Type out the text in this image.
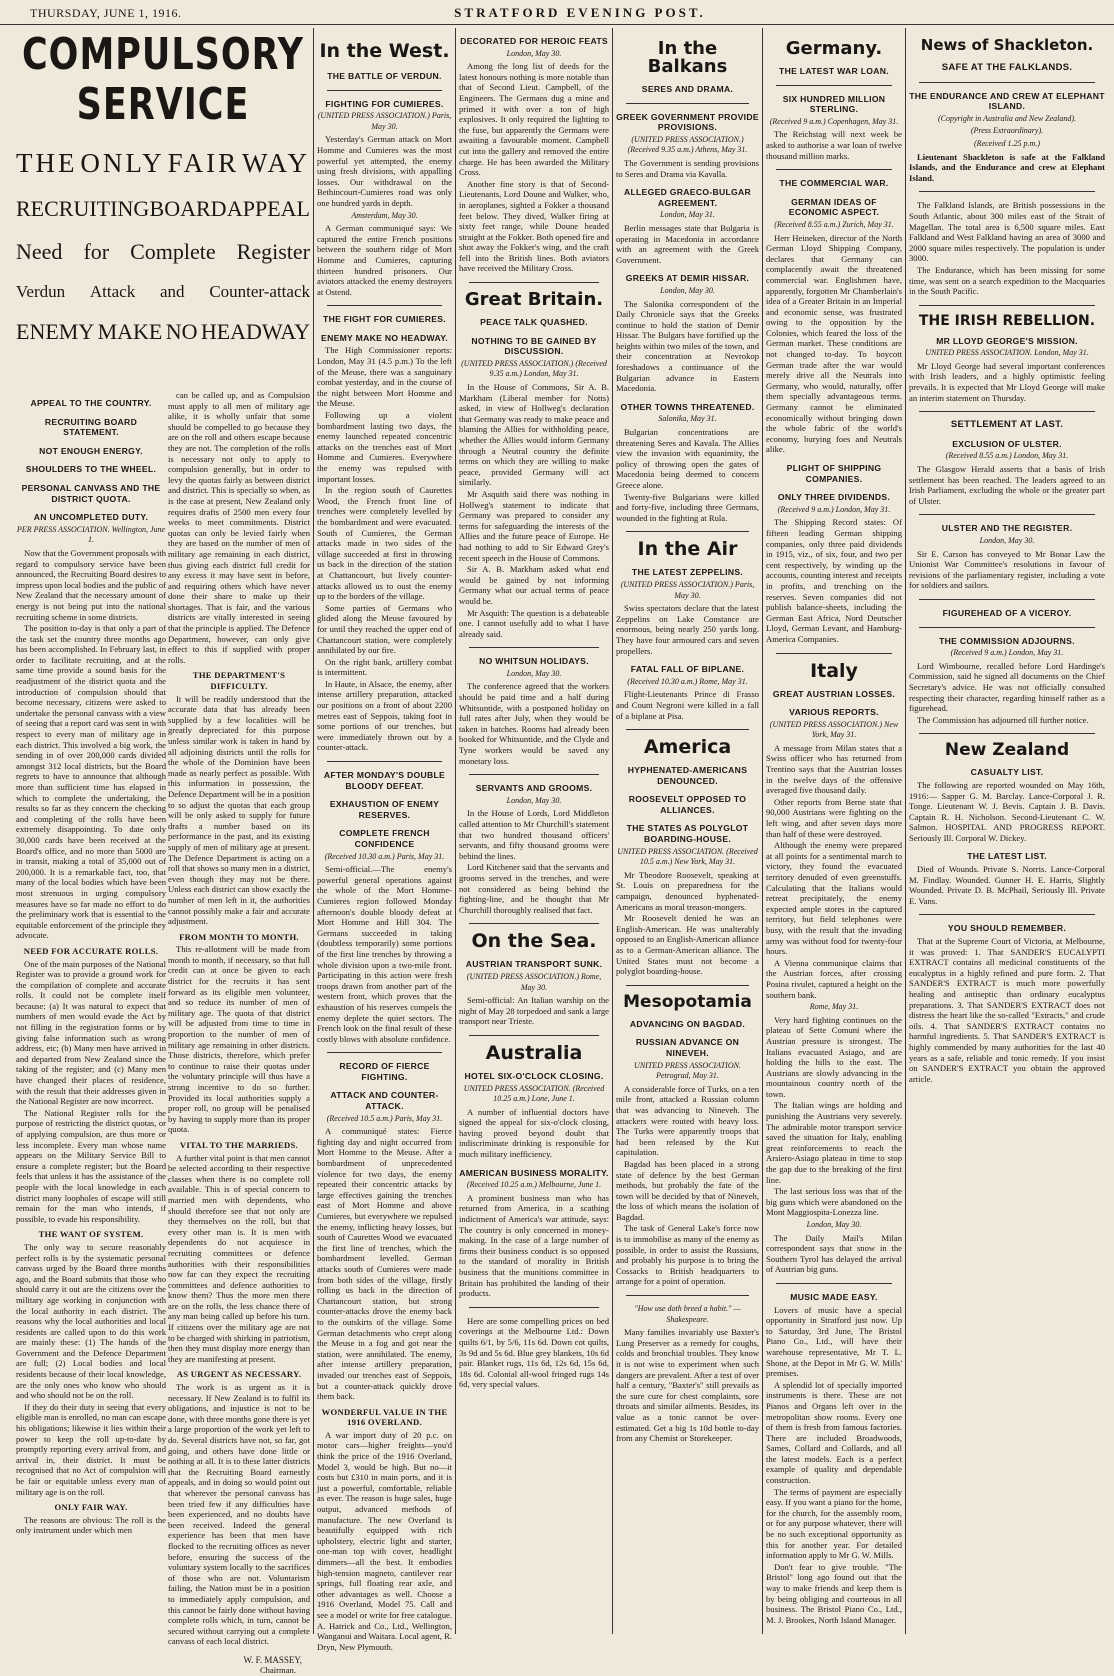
THURSDAY, JUNE 1, 1916.	STRATFORD EVENING POST.
COMPULSORY SERVICE
THE ONLY FAIR WAY
RECRUITING BOARD APPEAL
Need for Complete Register
Verdun Attack and Counter-attack
ENEMY MAKE NO HEADWAY
APPEAL TO THE COUNTRY.
RECRUITING BOARD STATEMENT.
NOT ENOUGH ENERGY.
SHOULDERS TO THE WHEEL.
PERSONAL CANVASS AND THE DISTRICT QUOTA.
AN UNCOMPLETED DUTY.
PER PRESS ASSOCIATION. Wellington, June 1.

Now that the Government proposals with regard to compulsory service have been announced, the Recruiting Board desires to impress upon local bodies and the public of New Zealand that the necessary amount of energy is not being put into the national recruiting scheme in some districts.

The position to-day is that only a part of the task set the country three months ago has been accomplished. In February last, in order to facilitate recruiting, and at the same time provide a sound basis for the readjustment of the district quota and the introduction of compulsion should that become necessary, citizens were asked to undertake the personal canvass with a view of seeing that a report card was sent in with respect to every man of military age in each district. This involved a big work, the sending in of over 200,000 cards divided amongst 312 local districts, but the Board regrets to have to announce that although more than sufficient time has elapsed in which to complete the undertaking, the results so far as they concern the checking and completing of the rolls have been extremely disappointing. To date only 30,000 cards have been received at the Board's office, and no more than 5000 are in transit, making a total of 35,000 out of 200,000. It is a remarkable fact, too, that many of the local bodies which have been most strenuous in urging compulsory measures have so far made no effort to do the preliminary work that is essential to the equitable enforcement of the principle they advocate.

NEED FOR ACCURATE ROLLS.

One of the main purposes of the National Register was to provide a ground work for the compilation of complete and accurate rolls. It could not be complete itself because: (a) It was natural to expect that numbers of men would evade the Act by not filling in the registration forms or by giving false information such as wrong address, etc; (b) Many men have arrived in and departed from New Zealand since the taking of the register; and (c) Many men have changed their places of residence, with the result that their addresses given in the National Register are now incorrect.

The National Register rolls for the purpose of restricting the district quotas, or of applying compulsion, are thus more or less incomplete. Every man whose name appears on the Military Service Bill to ensure a complete register; but the Board feels that unless it has the assistance of the people with the local knowledge in each district many loopholes of escape will still remain for the man who intends, if possible, to evade his responsibility.

THE WANT OF SYSTEM.

The only way to secure reasonably perfect rolls is by the systematic personal canvass urged by the Board three months ago, and the Board submits that those who should carry it out are the citizens over the military age working in conjunction with the local authority in each district. The reasons why the local authorities and local residents are called upon to do this work are mainly these: (1) The hands of the Government and the Defence Department are full; (2) Local bodies and local residents because of their local knowledge, are the only ones who know who should and who should not be on the roll.

If they do their duty in seeing that every eligible man is enrolled, no man can escape his obligations; likewise it lies within their power to keep the roll up-to-date by promptly reporting every arrival from, and arrival in, their district. It must be recognised that no Act of compulsion will be fair or equitable unless every man of military age is on the roll.

ONLY FAIR WAY.

The reasons are obvious: The roll is the only instrument under which men

can be called up, and as Compulsion must apply to all men of military age alike, it is wholly unfair that some should be compelled to go because they are on the roll and others escape because they are not. The completion of the rolls is necessary not only to apply to compulsion generally, but in order to levy the quotas fairly as between district and district. This is specially so when, as is the case at present, New Zealand only requires drafts of 2500 men every four weeks to meet commitments. District quotas can only be levied fairly when they are based on the number of men of military age remaining in each district, thus giving each district full credit for any excess it may have sent in before, and requiring others which have never done their share to make up their shortages. That is fair, and the various districts are vitally interested in seeing that the principle is applied. The Defence Department, however, can only give effect to this if supplied with proper rolls.

THE DEPARTMENT'S DIFFICULTY.

It will be readily understood that the accurate data that has already been supplied by a few localities will be greatly depreciated for this purpose unless similar work is taken in hand by all adjoining districts until the rolls for the whole of the Dominion have been made as nearly perfect as possible. With this information in possession, the Defence Department will be in a position to so adjust the quotas that each group will be only asked to supply for future drafts a number based on its performance in the past, and its existing supply of men of military age at present. The Defence Department is acting on a roll that shows so many men in a district, even though they may not be there. Unless each district can show exactly the number of men left in it, the authorities cannot possibly make a fair and accurate adjustment.

FROM MONTH TO MONTH.

This re-allotment will be made from month to month, if necessary, so that full credit can at once be given to each district for the recruits it has sent forward as its eligible men volunteer, and so reduce its number of men of military age. The quota of that district will be adjusted from time to time in proportion to the number of men of military age remaining in other districts. Those districts, therefore, which prefer to continue to raise their quotas under the voluntary principle will thus have a strong incentive to do so further. Provided its local authorities supply a proper roll, no group will be penalised by having to supply more than its proper quota.

VITAL TO THE MARRIEDS.

A further vital point is that men cannot be selected according to their respective classes when there is no complete roll available. This is of special concern to married men with dependents, who should therefore see that not only are they themselves on the roll, but that every other man is. It is men with dependents do not acquiesce in recruiting committees or defence authorities with their responsibilities now far can they expect the recruiting committees and defence authorities to know them? Thus the more men there are on the rolls, the less chance there of any man being called up before his turn. If citizens over the military age are not to be charged with shirking in patriotism, then they must display more energy than they are manifesting at present.

AS URGENT AS NECESSARY.

The work is as urgent as it is necessary. If New Zealand is to fulfil its obligations, and injustice is not to be done, with three months gone there is yet a large proportion of the work yet left to do. Several districts have not, so far, got going, and others have done little or nothing at all. It is to these latter districts that the Recruiting Board earnestly appeals, and in doing so would point out that wherever the personal canvass has been tried few if any difficulties have been experienced, and no doubts have been received. Indeed the general experience has been that men have flocked to the recruiting offices as never before, ensuring the success of the voluntary system locally to the sacrifices of those who are not. Voluntarism failing, the Nation must be in a position to immediately apply compulsion, and this cannot be fairly done without having complete rolls which, in turn, cannot be secured without carrying out a complete canvass of each local district.

W. F. MASSEY,
Chairman.
In the West.
THE BATTLE OF VERDUN.
FIGHTING FOR CUMIERES.
(UNITED PRESS ASSOCIATION.) Paris, May 30.

Yesterday's German attack on Mort Homme and Cumieres was the most powerful yet attempted, the enemy using fresh divisions, with appalling losses. Our withdrawal on the Bethincourt-Cumieres road was only one hundred yards in depth.

Amsterdam, May 30.

A German communiqué says: We captured the entire French positions between the southern ridge of Mort Homme and Cumieres, capturing thirteen hundred prisoners. Our aviators attacked the enemy destroyers at Ostend.

THE FIGHT FOR CUMIERES.
ENEMY MAKE NO HEADWAY.

The High Commissioner reports: London, May 31 (4.5 p.m.) To the left of the Meuse, there was a sanguinary combat yesterday, and in the course of the night between Mort Homme and the Meuse.

Following up a violent bombardment lasting two days, the enemy launched repeated concentric attacks on the trenches east of Mort Homme and Cumieres. Everywhere the enemy was repulsed with important losses.

In the region south of Caurettes Wood, the French front line of trenches were completely levelled by the bombardment and were evacuated. South of Cumieres, the German attacks made in two sides of the village succeeded at first in throwing us back in the direction of the station at Chattancourt, but lively counter-attacks allowed us to oust the enemy up to the borders of the village.

Some parties of Germans who glided along the Meuse favoured by for until they reached the upper end of Chattancourt station, were completely annihilated by our fire.

On the right bank, artillery combat is intermittent.

In Haute, in Alsace, the enemy, after intense artillery preparation, attacked our positions on a front of about 2200 metres east of Seppois, taking foot in some portions of our trenches, but were immediately thrown out by a counter-attack.

AFTER MONDAY'S DOUBLE BLOODY DEFEAT.
EXHAUSTION OF ENEMY RESERVES.
COMPLETE FRENCH CONFIDENCE
(Received 10.30 a.m.) Paris, May 31.

Semi-official.—The enemy's powerful general operations against the whole of the Mort Homme-Cumieres region followed Monday afternoon's double bloody defeat at Mort Homme and Hill 304. The Germans succeeded in taking (doubtless temporarily) some portions of the first line trenches by throwing a whole division upon a two-mile front. Participating in this action were fresh troops drawn from another part of the western front, which proves that the exhaustion of his reserves compels the enemy deplete the quiet sectors. The French look on the final result of these costly blows with absolute confidence.

RECORD OF FIERCE FIGHTING.
ATTACK AND COUNTER-ATTACK.
(Received 10.5 a.m.) Paris, May 31.

A communiqué states: Fierce fighting day and night occurred from Mort Homme to the Meuse. After a bombardment of unprecedented violence for two days, the enemy repeated their concentric attacks by large effectives gaining the trenches east of Mort Homme and above Cumieres, but everywhere we repulsed the enemy, inflicting heavy losses, but south of Caurettes Wood we evacuated the first line of trenches, which the bombardment levelled. German attacks south of Cumieres were made from both sides of the village, firstly rolling us back in the direction of Chattancourt station, but strong counter-attacks drove the enemy back to the outskirts of the village. Some German detachments who crept along the Meuse in a fog and got near the station, were annihilated. The enemy, after intense artillery preparation, invaded our trenches east of Seppois, but a counter-attack quickly drove them back.

WONDERFUL VALUE IN THE 1916 OVERLAND.

A war import duty of 20 p.c. on motor cars—higher freights—you'd think the price of the 1916 Overland, Model 3, would be high. But no—it costs but £310 in main ports, and it is just a powerful, comfortable, reliable as ever. The reason is huge sales, huge output, advanced methods of manufacture. The new Overland is beautifully equipped with rich upholstery, electric light and starter, one-man top with cover, headlight dimmers—all the best. It embodies high-tension magneto, cantilever rear springs, full floating rear axle, and other advantages as well. Choose a 1916 Overland, Model 75. Call and see a model or write for free catalogue. A. Hatrick and Co., Ltd., Wellington, Wanganui and Waitara. Local agent, R. Dryn, New Plymouth.

DECORATED FOR HEROIC FEATS
London, May 30.

Among the long list of deeds for the latest honours nothing is more notable than that of Second Lieut. Campbell, of the Engineers. The Germans dug a mine and primed it with over a ton of high explosives. It only required the lighting to the fuse, but apparently the Germans were awaiting a favourable moment. Campbell cut into the gallery and removed the entire charge. He has been awarded the Military Cross.

Another fine story is that of Second-Lieutenants, Lord Doune and Walker, who, in aeroplanes, sighted a Fokker a thousand feet below. They dived, Walker firing at sixty feet range, while Doune headed straight at the Fokker. Both opened fire and shot away the Fokker's wing, and the craft fell into the British lines. Both aviators have received the Military Cross.

Great Britain.
PEACE TALK QUASHED.
NOTHING TO BE GAINED BY DISCUSSION.
(UNITED PRESS ASSOCIATION.) (Received 9.35 a.m.) London, May 31.

In the House of Commons, Sir A. B. Markham (Liberal member for Notts) asked, in view of Hollweg's declaration that Germany was ready to make peace and blaming the Allies for withholding peace, whether the Allies would inform Germany through a Neutral country the definite terms on which they are willing to make peace, provided Germany will act similarly.

Mr Asquith said there was nothing in Hollweg's statement to indicate that Germany was prepared to consider any terms for safeguarding the interests of the Allies and the future peace of Europe. He had nothing to add to Sir Edward Grey's recent speech in the House of Commons.

Sir A. B. Markham asked what end would be gained by not informing Germany what our actual terms of peace would be.

Mr Asquith: The question is a debateable one. I cannot usefully add to what I have already said.

NO WHITSUN HOLIDAYS.
London, May 30.

The conference agreed that the workers should be paid time and a half during Whitsuntide, with a postponed holiday on full rates after July, when they would be taken in batches. Rooms had already been booked for Whitsuntide, and the Clyde and Tyne workers would be saved any monetary loss.

SERVANTS AND GROOMS.
London, May 30.

In the House of Lords, Lord Middleton called attention to Mr Churchill's statement that two hundred thousand officers' servants, and fifty thousand grooms were behind the lines.

Lord Kitchener said that the servants and grooms served in the trenches, and were not considered as being behind the fighting-line, and he thought that Mr Churchill thoroughly realised that fact.

On the Sea.
AUSTRIAN TRANSPORT SUNK.
(UNITED PRESS ASSOCIATION.) Rome, May 30.

Semi-official: An Italian warship on the night of May 28 torpedoed and sank a large transport near Trieste.

Australia
HOTEL SIX-O'CLOCK CLOSING.
UNITED PRESS ASSOCIATION. (Received 10.25 a.m.) Lone, June 1.

A number of influential doctors have signed the appeal for six-o'clock closing, having proved beyond doubt that indiscriminate drinking is responsible for much military inefficiency.

AMERICAN BUSINESS MORALITY.
(Received 10.25 a.m.) Melbourne, June 1.

A prominent business man who has returned from America, in a scathing indictment of America's war attitude, says: The country is only concerned in money-making. In the case of a large number of firms their business conduct is so opposed to the standard of morality in British business that the munitions committee in Britain has prohibited the landing of their products.

Here are some compelling prices on bed coverings at the Melbourne Ltd.: Down quilts 6/1, by 5/6, 11s 6d. Down cot quilts, 3s 9d and 5s 6d. Blue grey blankets, 10s 6d pair. Blanket rugs, 11s 6d, 12s 6d, 15s 6d, 18s 6d. Colonial all-wool fringed rugs 14s 6d, very special values.

In the Balkans
SERES AND DRAMA.
GREEK GOVERNMENT PROVIDE PROVISIONS.
(UNITED PRESS ASSOCIATION.) (Received 9.35 a.m.) Athens, May 31.

The Government is sending provisions to Seres and Drama via Kavalla.

ALLEGED GRAECO-BULGAR AGREEMENT.
London, May 31.

Berlin messages state that Bulgaria is operating in Macedonia in accordance with an agreement with the Greek Government.

GREEKS AT DEMIR HISSAR.
London, May 30.

The Salonika correspondent of the Daily Chronicle says that the Greeks continue to hold the station of Demir Hissar. The Bulgars have fortified up the heights within two miles of the town, and their concentration at Nevrokop foreshadows a continuance of the Bulgarian advance in Eastern Macedonia.

OTHER TOWNS THREATENED.
Salonika, May 31.

Bulgarian concentrations are threatening Seres and Kavala. The Allies view the invasion with equanimity, the policy of throwing open the gates of Macedonia being deemed to concern Greece alone.

Twenty-five Bulgarians were killed and forty-five, including three Germans, wounded in the fighting at Rula.

In the Air
THE LATEST ZEPPELINS.
(UNITED PRESS ASSOCIATION.) Paris, May 30.

Swiss spectators declare that the latest Zeppelins on Lake Constance are enormous, being nearly 250 yards long. They have four armoured cars and seven propellers.

FATAL FALL OF BIPLANE.
(Received 10.30 a.m.) Rome, May 31.

Flight-Lieutenants Prince di Frasso and Count Negroni were killed in a fall of a biplane at Pisa.

America
HYPHENATED-AMERICANS DENOUNCED.
ROOSEVELT OPPOSED TO ALLIANCES.
THE STATES AS POLYGLOT BOARDING-HOUSE.
UNITED PRESS ASSOCIATION. (Received 10.5 a.m.) New York, May 31.

Mr Theodore Roosevelt, speaking at St. Louis on preparedness for the campaign, denounced hyphenated-Americans as moral treason-mongers.

Mr Roosevelt denied he was an English-American. He was unalterably opposed to an English-American alliance as to a German-American alliance. The United States must not become a polyglot boarding-house.

Mesopotamia
ADVANCING ON BAGDAD.
RUSSIAN ADVANCE ON NINEVEH.
UNITED PRESS ASSOCIATION. Petrograd, May 31.

A considerable force of Turks, on a ten mile front, attacked a Russian column that was advancing to Nineveh. The attackers were routed with heavy loss. The Turks were apparently troops that had been released by the Kut capitulation.

Bagdad has been placed in a strong state of defence by the best German methods, but probably the fate of the town will be decided by that of Nineveh, the loss of which means the isolation of Bagdad.

The task of General Lake's force now is to immobilise as many of the enemy as possible, in order to assist the Russians, and probably his purpose is to bring the Cossacks to British headquarters to arrange for a point of operation.

"How use doth breed a habit." —Shakespeare.

Many families invariably use Baxter's Lung Preserver as a remedy for coughs, colds and bronchial troubles. They know it is not wise to experiment when such dangers are prevalent. After a test of over half a century, "Baxter's" still prevails as the sure cure for chest complaints, sore throats and similar ailments. Besides, its value as a tonic cannot be over-estimated. Get a big 1s 10d bottle to-day from any Chemist or Storekeeper.

Germany.
THE LATEST WAR LOAN.
SIX HUNDRED MILLION STERLING.
(Received 9 a.m.) Copenhagen, May 31.

The Reichstag will next week be asked to authorise a war loan of twelve thousand million marks.

THE COMMERCIAL WAR.
GERMAN IDEAS OF ECONOMIC ASPECT.
(Received 8.55 a.m.) Zurich, May 31.

Herr Heineken, director of the North German Lloyd Shipping Company, declares that Germany can complacently await the threatened commercial war. Englishmen have, apparently, forgotten Mr Chamberlain's idea of a Greater Britain in an Imperial and economic sense, was frustrated owing to the opposition by the Colonies, which feared the loss of the German market. These conditions are not changed to-day. To boycott German trade after the war would merely drive all the Neutrals into Germany, who would, naturally, offer them specially advantageous terms. Germany cannot be eliminated economically without bringing down the whole fabric of the world's economy, burying foes and Neutrals alike.

PLIGHT OF SHIPPING COMPANIES.
ONLY THREE DIVIDENDS.
(Received 9 a.m.) London, May 31.

The Shipping Record states: Of fifteen leading German shipping companies, only three paid dividends in 1915, viz., of six, four, and two per cent respectively, by winding up the accounts, counting interest and receipts in profits, and trenching on the reserves. Seven companies did not publish balance-sheets, including the German East Africa, Nord Deutscher Lloyd, German Levant, and Hamburg-America Companies.

Italy
GREAT AUSTRIAN LOSSES.
VARIOUS REPORTS.
(UNITED PRESS ASSOCIATION.) New York, May 31.

A message from Milan states that a Swiss officer who has returned from Trentino says that the Austrian losses in the twelve days of the offensive averaged five thousand daily.

Other reports from Berne state that 90,000 Austrians were fighting on the left wing, and after seven days more than half of these were destroyed.

Although the enemy were prepared at all points for a sentimental march to victory, they found the evacuated territory denuded of even greenstuffs. Calculating that the Italians would retreat precipitately, the enemy expected ample stores in the captured territory, but field telephones were busy, with the result that the invading army was without food for twenty-four hours.

A Vienna communique claims that the Austrian forces, after crossing Posina rivulet, captured a height on the southern bank.

Rome, May 31.

Very hard fighting continues on the plateau of Sette Comuni where the Austrian pressure is strongest. The Italians evacuated Asiago, and are holding the hills to the east. The Austrians are slowly advancing in the mountainous country north of the town.

The Italian wings are holding and punishing the Austrians very severely. The admirable motor transport service saved the situation for Italy, enabling great reinforcements to reach the Arsiero-Asiago plateau in time to stop the gap due to the breaking of the first line.

The last serious loss was that of the big guns which were abandoned on the Mont Maggiospita-Lonezza line.

London, May 30.

The Daily Mail's Milan correspondent says that snow in the Southern Tyrol has delayed the arrival of Austrian big guns.

MUSIC MADE EASY.

Lovers of music have a special opportunity in Stratford just now. Up to Saturday, 3rd June, The Bristol Piano Co., Ltd., will have their warehouse representative, Mr T. L. Shone, at the Depot in Mr G. W. Mills' premises.

A splendid lot of specially imported instruments is there. These are not Pianos and Organs left over in the metropolitan show rooms. Every one of them is fresh from famous factories. There are included Broadwoods, Sames, Collard and Collards, and all the latest models. Each is a perfect example of quality and dependable construction.

The terms of payment are especially easy. If you want a piano for the home, for the church, for the assembly room, or for any purpose whatever, there will be no such exceptional opportunity as this for another year. For detailed information apply to Mr G. W. Mills.

Don't fear to give trouble. "The Bristol" long ago found out that the way to make friends and keep them is by being obliging and courteous in all business. The Bristol Piano Co., Ltd., M. J. Brookes, North Island Manager.

News of Shackleton.
SAFE AT THE FALKLANDS.
THE ENDURANCE AND CREW AT ELEPHANT ISLAND.
(Copyright in Australia and New Zealand).
(Press Extraordinary).
(Received 1.25 p.m.)

Lieutenant Shackleton is safe at the Falkland Islands, and the Endurance and crew at Elephant Island.

The Falkland Islands, are British possessions in the South Atlantic, about 300 miles east of the Strait of Magellan. The total area is 6,500 square miles. East Falkland and West Falkland having an area of 3000 and 2000 square miles respectively. The population is under 3000.

The Endurance, which has been missing for some time, was sent on a search expedition to the Macquaries in the South Pacific.

THE IRISH REBELLION.
MR LLOYD GEORGE'S MISSION.
UNITED PRESS ASSOCIATION. London, May 31.

Mr Lloyd George had several important conferences with Irish leaders, and a highly optimistic feeling prevails. It is expected that Mr Lloyd George will make an interim statement on Thursday.

SETTLEMENT AT LAST.
EXCLUSION OF ULSTER.
(Received 8.55 a.m.) London, May 31.

The Glasgow Herald asserts that a basis of Irish settlement has been reached. The leaders agreed to an Irish Parliament, excluding the whole or the greater part of Ulster.

ULSTER AND THE REGISTER.
London, May 30.

Sir E. Carson has conveyed to Mr Bonar Law the Unionist War Committee's resolutions in favour of revisions of the parliamentary register, including a vote for soldiers and sailors.

FIGUREHEAD OF A VICEROY.
THE COMMISSION ADJOURNS.
(Received 9 a.m.) London, May 31.

Lord Wimbourne, recalled before Lord Hardinge's Commission, said he signed all documents on the Chief Secretary's advice. He was not officially consulted respecting their character, regarding himself rather as a figurehead.

The Commission has adjourned till further notice.

New Zealand
CASUALTY LIST.

The following are reported wounded on May 16th, 1916:— Sapper G. M. Barclay. Lance-Corporal J. R. Tonge. Lieutenant W. J. Bevis. Captain J. B. Davis. Captain R. H. Nicholson. Second-Lieutenant C. W. Salmon. HOSPITAL AND PROGRESS REPORT. Seriously Ill. Corporal W. Dickey.

THE LATEST LIST.

Died of Wounds. Private S. Norris. Lance-Corporal M. Findlay. Wounded. Gunner H. E. Harris, Slightly Wounded. Private D. B. McPhail, Seriously Ill. Private E. Vans.

YOU SHOULD REMEMBER.

That at the Supreme Court of Victoria, at Melbourne, it was proved: 1. That SANDER'S EUCALYPTI EXTRACT contains all medicinal constituents of the eucalyptus in a highly refined and pure form. 2. That SANDER'S EXTRACT is much more powerfully healing and antiseptic than ordinary eucalyptus preparations. 3. That SANDER'S EXTRACT does not distress the heart like the so-called "Extracts," and crude oils. 4. That SANDER'S EXTRACT contains no harmful ingredients. 5. That SANDER'S EXTRACT is highly commended by many authorities for the last 40 years as a safe, reliable and tonic remedy. If you insist on SANDER'S EXTRACT you obtain the approved article.
